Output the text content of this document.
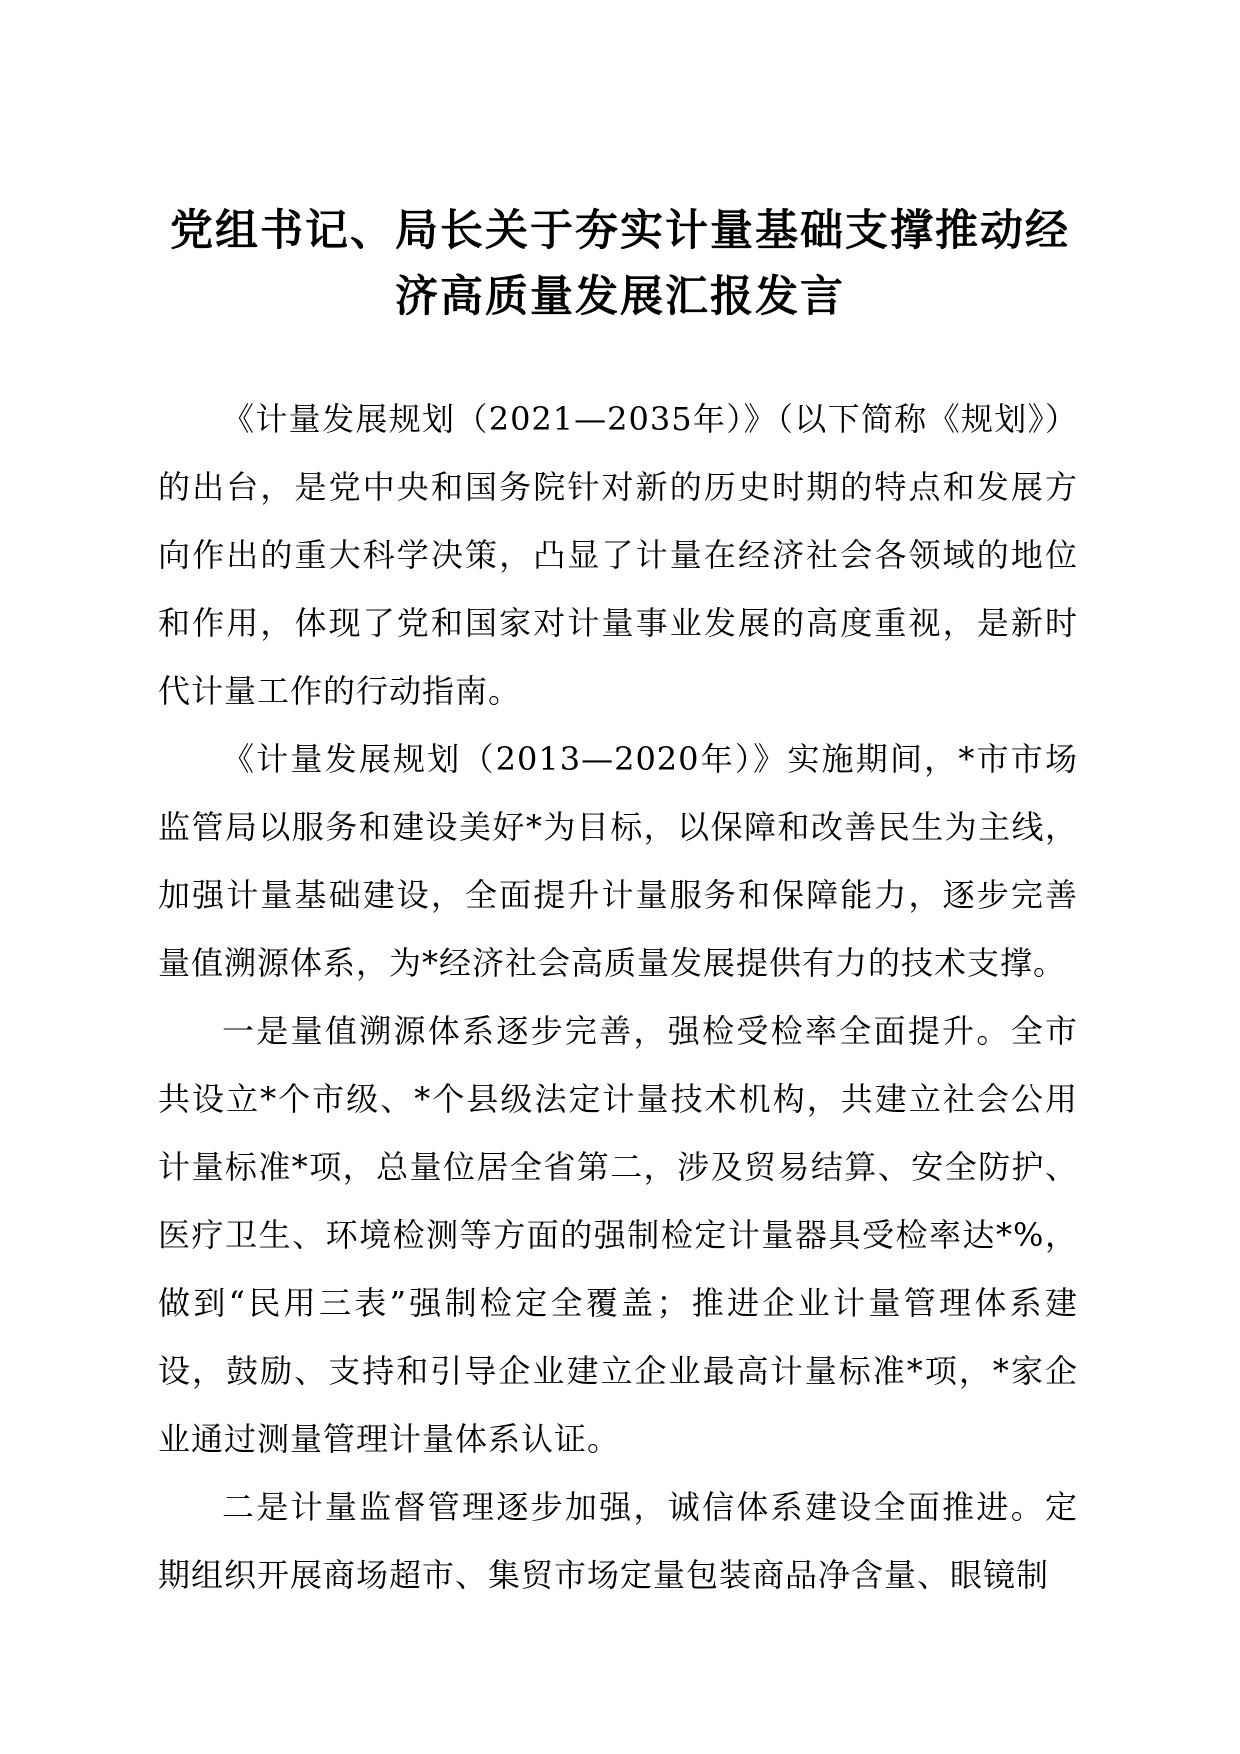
党组书记、局长关于夯实计量基础支撑推动经
济高质量发展汇报发言

《计量发展规划（2021—2035年）》（以下简称《规划》）的出台，是党中央和国务院针对新的历史时期的特点和发展方向作出的重大科学决策，凸显了计量在经济社会各领域的地位和作用，体现了党和国家对计量事业发展的高度重视，是新时代计量工作的行动指南。

《计量发展规划（2013—2020年）》实施期间，*市市场监管局以服务和建设美好*为目标，以保障和改善民生为主线，加强计量基础建设，全面提升计量服务和保障能力，逐步完善量值溯源体系，为*经济社会高质量发展提供有力的技术支撑。

一是量值溯源体系逐步完善，强检受检率全面提升。全市共设立*个市级、*个县级法定计量技术机构，共建立社会公用计量标准*项，总量位居全省第二，涉及贸易结算、安全防护、医疗卫生、环境检测等方面的强制检定计量器具受检率达*%，做到“民用三表”强制检定全覆盖；推进企业计量管理体系建设，鼓励、支持和引导企业建立企业最高计量标准*项，*家企业通过测量管理计量体系认证。

二是计量监督管理逐步加强，诚信体系建设全面推进。定期组织开展商场超市、集贸市场定量包装商品净含量、眼镜制
